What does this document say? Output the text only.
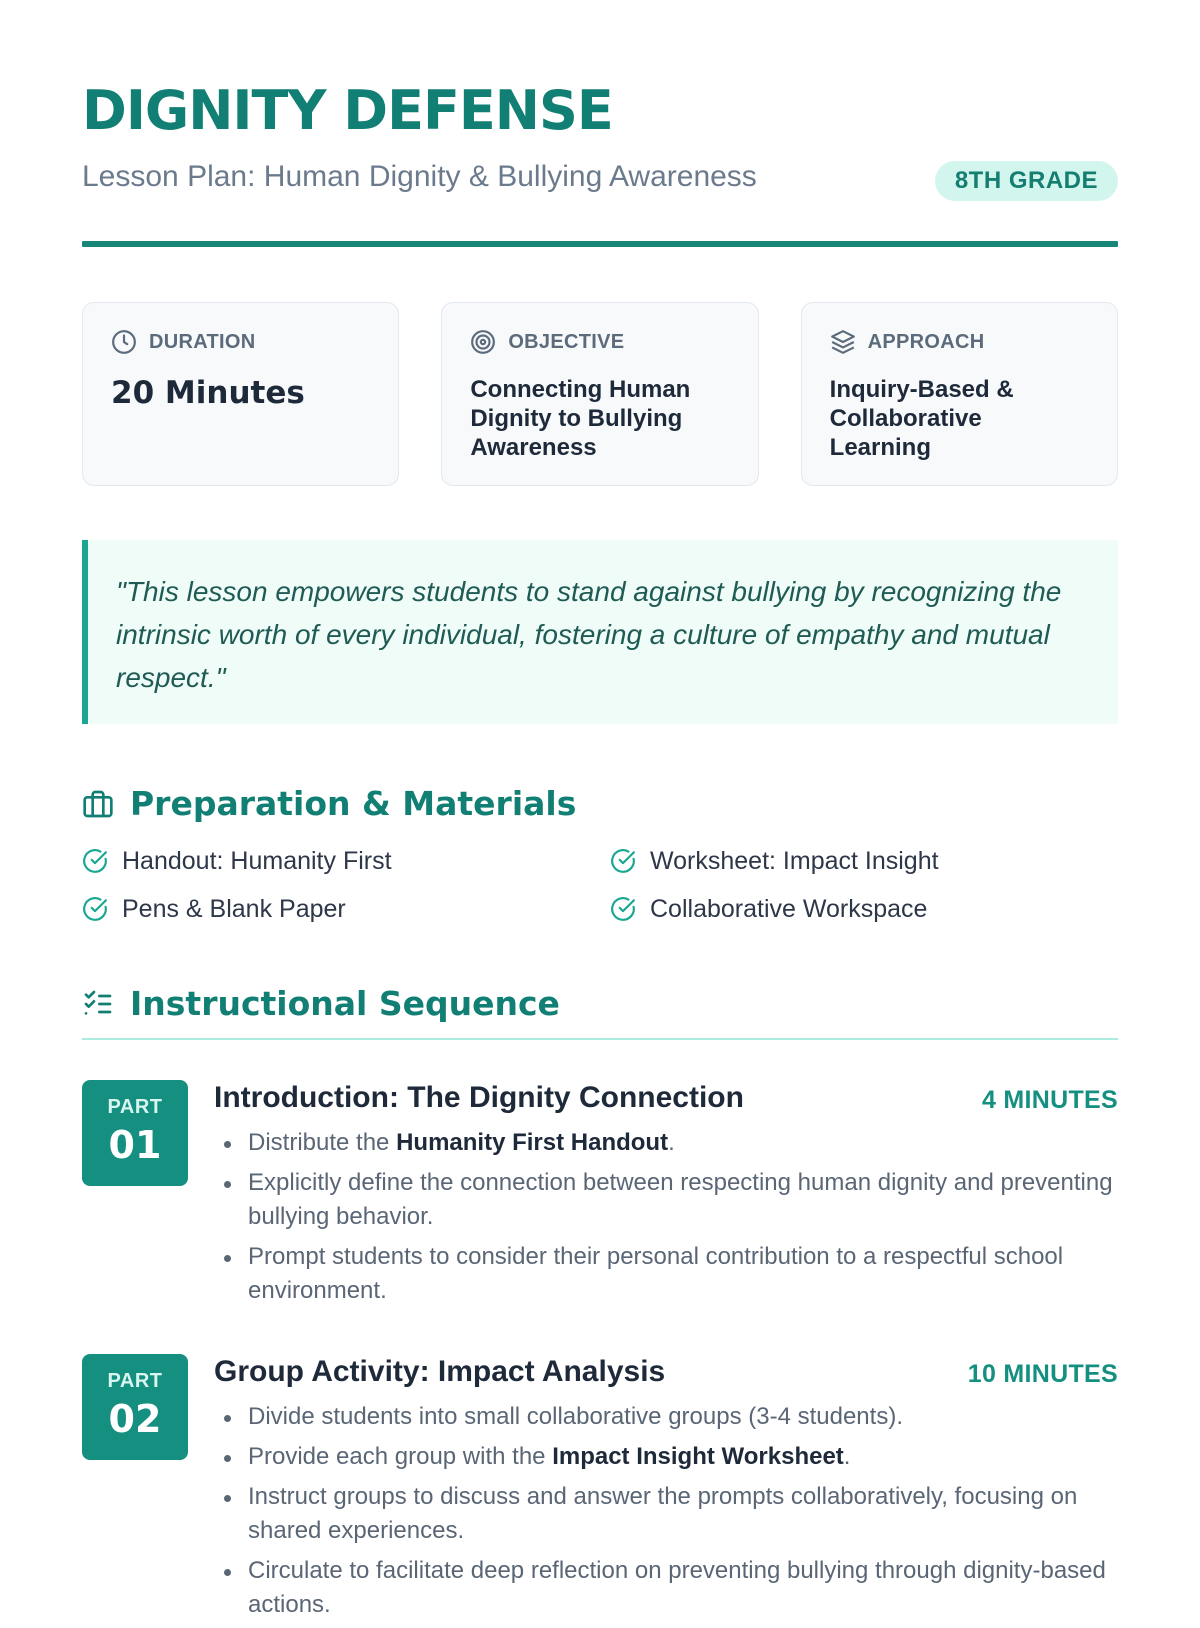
DIGNITY DEFENSE
Lesson Plan: Human Dignity & Bullying Awareness	8TH GRADE
DURATION
20 Minutes
OBJECTIVE
Connecting Human Dignity to Bullying Awareness
APPROACH
Inquiry-Based & Collaborative Learning

"This lesson empowers students to stand against bullying by recognizing the intrinsic worth of every individual, fostering a culture of empathy and mutual respect."

Preparation & Materials
Handout: Humanity First	Worksheet: Impact Insight
Pens & Blank Paper	Collaborative Workspace
Instructional Sequence
PART
01
Introduction: The Dignity Connection	4 MINUTES
Distribute the Humanity First Handout.
Explicitly define the connection between respecting human dignity and preventing bullying behavior.
Prompt students to consider their personal contribution to a respectful school environment.
PART
02
Group Activity: Impact Analysis	10 MINUTES
Divide students into small collaborative groups (3-4 students).
Provide each group with the Impact Insight Worksheet.
Instruct groups to discuss and answer the prompts collaboratively, focusing on shared experiences.
Circulate to facilitate deep reflection on preventing bullying through dignity-based actions.
